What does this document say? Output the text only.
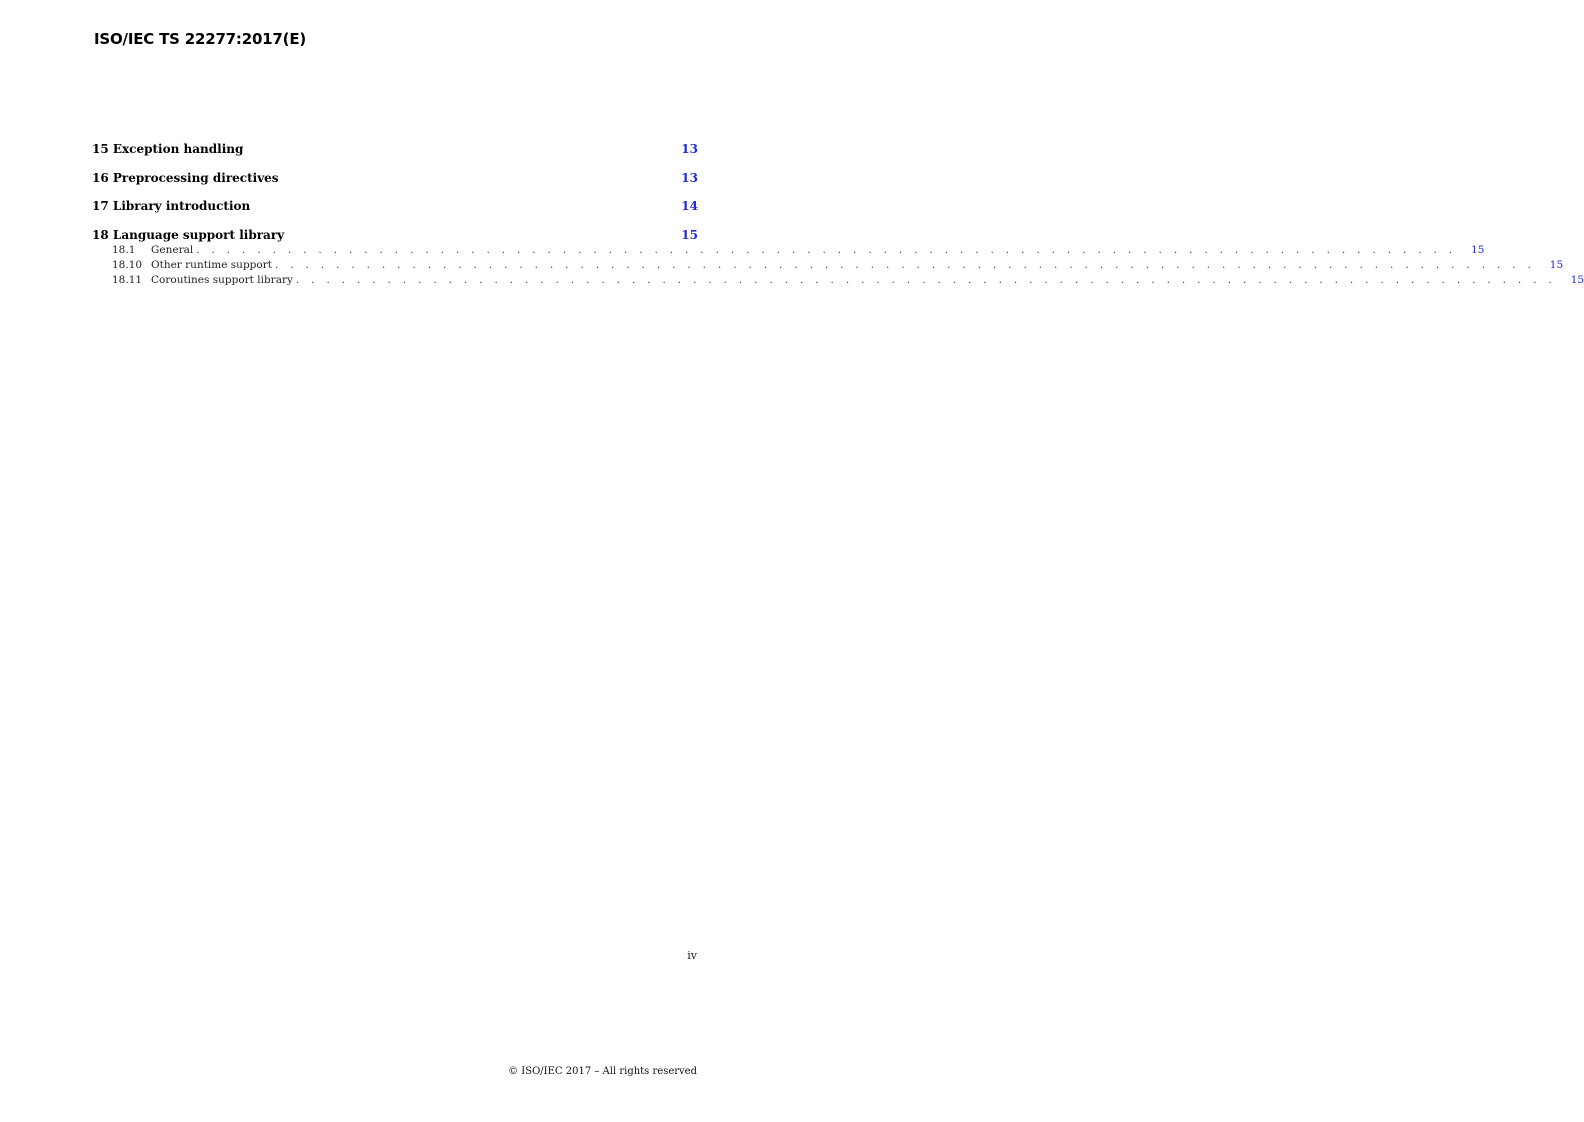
ISO/IEC TS 22277:2017(E)
15 Exception handling	13
16 Preprocessing directives	13
17 Library introduction	14
18 Language support library	15
18.1	General . . . . . . . . . . . . . . . . . . . . . . . . . . . . . . . . . . . . . . . . . . . . . . . . . . . . . . . . . . . . . . . . . . . . . . . . . . . . . . . . . . .	15
18.10 Other runtime support . . . . . . . . . . . . . . . . . . . . . . . . . . . . . . . . . . . . . . . . . . . . . . . . . . . . . . . . . . . . . . . . . . . . . . . . . . . . . . . . . . .	15
18.11 Coroutines support library . . . . . . . . . . . . . . . . . . . . . . . . . . . . . . . . . . . . . . . . . . . . . . . . . . . . . . . . . . . . . . . . . . . . . . . . . . . . . . . . . . .	15
iv
© ISO/IEC 2017 – All rights reserved
